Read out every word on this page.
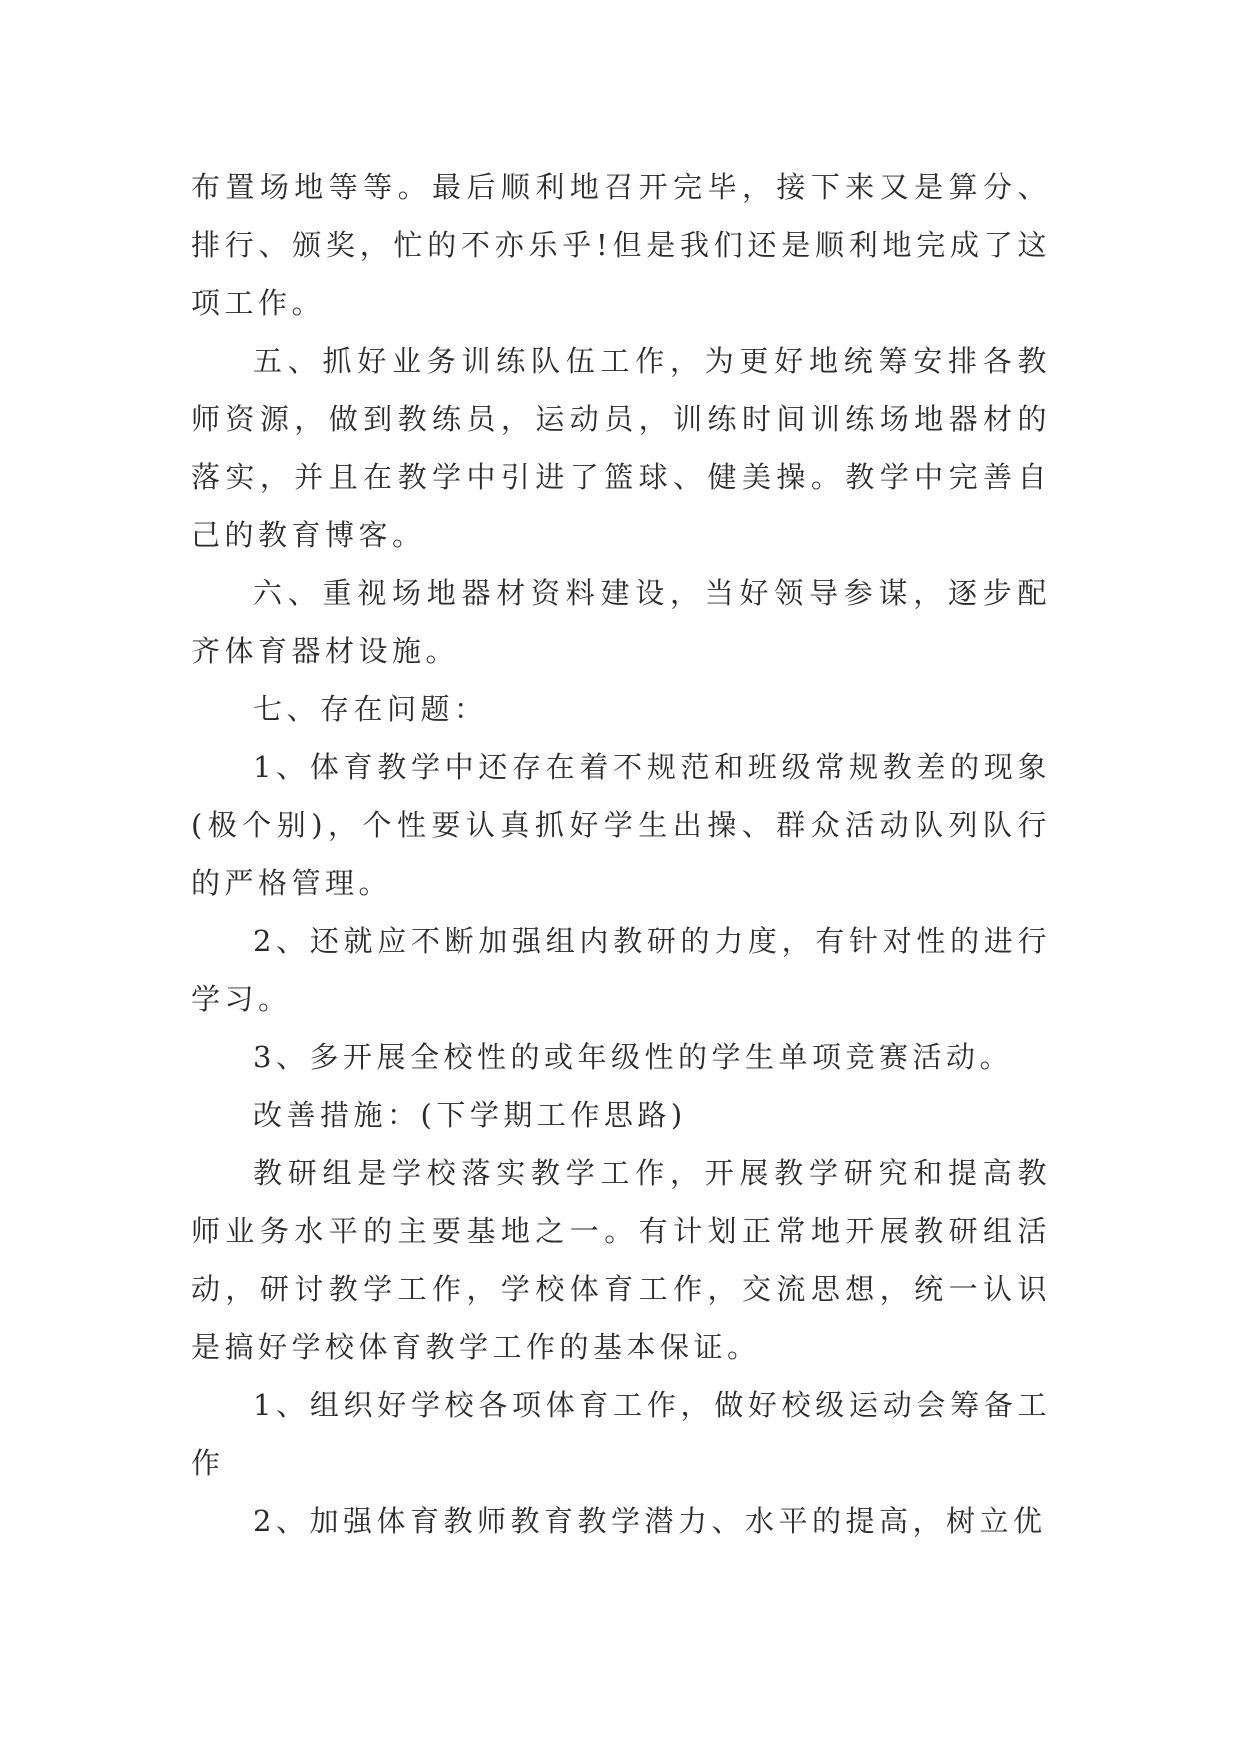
布置场地等等。最后顺利地召开完毕，接下来又是算分、排行、颁奖，忙的不亦乐乎!但是我们还是顺利地完成了这项工作。

五、抓好业务训练队伍工作，为更好地统筹安排各教师资源，做到教练员，运动员，训练时间训练场地器材的落实，并且在教学中引进了篮球、健美操。教学中完善自己的教育博客。

六、重视场地器材资料建设，当好领导参谋，逐步配齐体育器材设施。

七、存在问题：

1、体育教学中还存在着不规范和班级常规教差的现象(极个别)，个性要认真抓好学生出操、群众活动队列队行的严格管理。

2、还就应不断加强组内教研的力度，有针对性的进行学习。

3、多开展全校性的或年级性的学生单项竞赛活动。

改善措施：(下学期工作思路)

教研组是学校落实教学工作，开展教学研究和提高教师业务水平的主要基地之一。有计划正常地开展教研组活动，研讨教学工作，学校体育工作，交流思想，统一认识是搞好学校体育教学工作的基本保证。

1、组织好学校各项体育工作，做好校级运动会筹备工作

2、加强体育教师教育教学潜力、水平的提高，树立优
